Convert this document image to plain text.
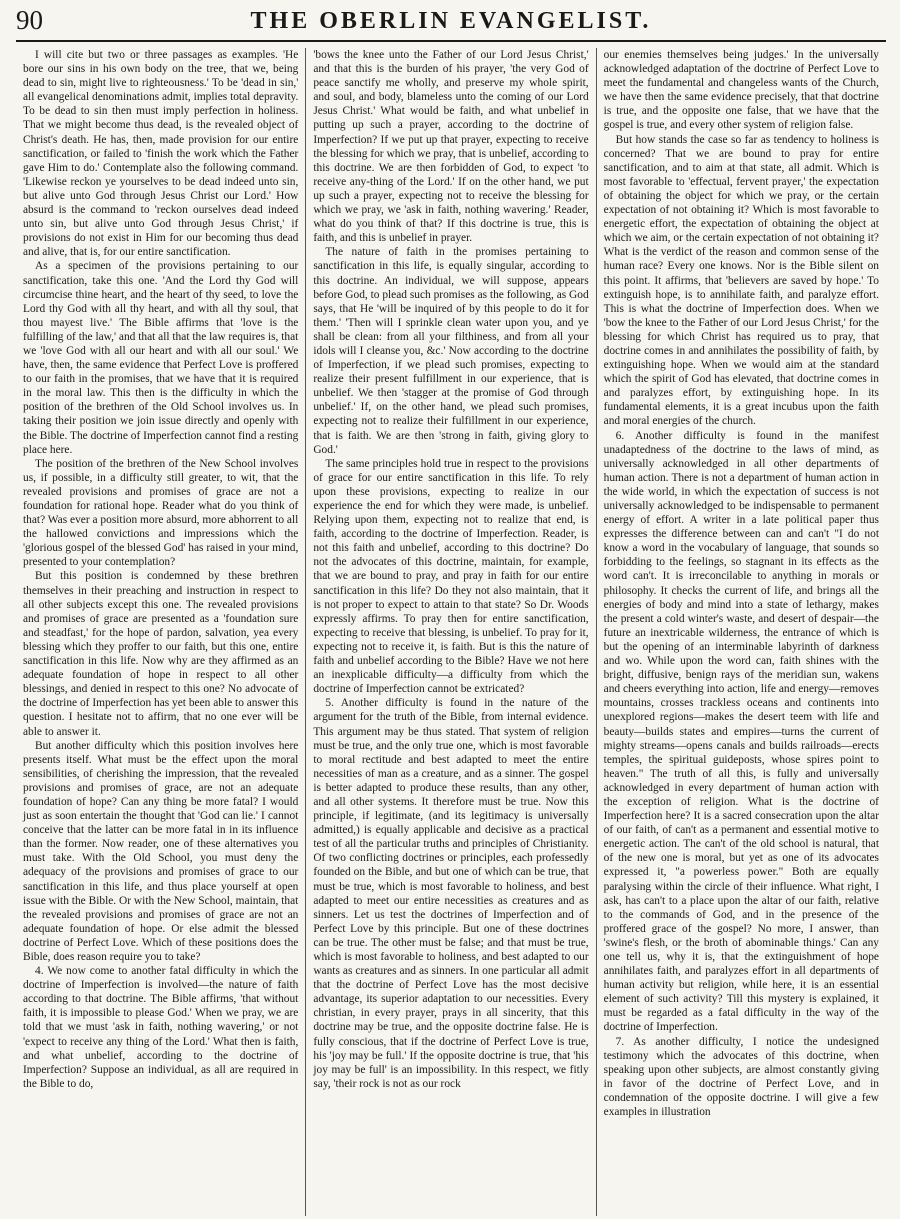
90	THE OBERLIN EVANGELIST.

I will cite but two or three passages as examples. 'He bore our sins in his own body on the tree, that we, being dead to sin, might live to righteousness.' To be 'dead in sin,' all evangelical denominations admit, implies total depravity. To be dead to sin then must imply perfection in holiness. That we might become thus dead, is the revealed object of Christ's death. He has, then, made provision for our entire sanctification, or failed to 'finish the work which the Father gave Him to do.' Contemplate also the following command. 'Likewise reckon ye yourselves to be dead indeed unto sin, but alive unto God through Jesus Christ our Lord.' How absurd is the command to 'reckon ourselves dead indeed unto sin, but alive unto God through Jesus Christ,' if provisions do not exist in Him for our becoming thus dead and alive, that is, for our entire sanctification.

As a specimen of the provisions pertaining to our sanctification, take this one. 'And the Lord thy God will circumcise thine heart, and the heart of thy seed, to love the Lord thy God with all thy heart, and with all thy soul, that thou mayest live.' The Bible affirms that 'love is the fulfilling of the law,' and that all that the law requires is, that we 'love God with all our heart and with all our soul.' We have, then, the same evidence that Perfect Love is proffered to our faith in the promises, that we have that it is required in the moral law. This then is the difficulty in which the position of the brethren of the Old School involves us. In taking their position we join issue directly and openly with the Bible. The doctrine of Imperfection cannot find a resting place here.

The position of the brethren of the New School involves us, if possible, in a difficulty still greater, to wit, that the revealed provisions and promises of grace are not a foundation for rational hope. Reader what do you think of that? Was ever a position more absurd, more abhorrent to all the hallowed convictions and impressions which the 'glorious gospel of the blessed God' has raised in your mind, presented to your contemplation?

But this position is condemned by these brethren themselves in their preaching and instruction in respect to all other subjects except this one. The revealed provisions and promises of grace are presented as a 'foundation sure and steadfast,' for the hope of pardon, salvation, yea every blessing which they proffer to our faith, but this one, entire sanctification in this life. Now why are they affirmed as an adequate foundation of hope in respect to all other blessings, and denied in respect to this one? No advocate of the doctrine of Imperfection has yet been able to answer this question. I hesitate not to affirm, that no one ever will be able to answer it.

But another difficulty which this position involves here presents itself. What must be the effect upon the moral sensibilities, of cherishing the impression, that the revealed provisions and promises of grace, are not an adequate foundation of hope? Can any thing be more fatal? I would just as soon entertain the thought that 'God can lie.' I cannot conceive that the latter can be more fatal in in its influence than the former. Now reader, one of these alternatives you must take. With the Old School, you must deny the adequacy of the provisions and promises of grace to our sanctification in this life, and thus place yourself at open issue with the Bible. Or with the New School, maintain, that the revealed provisions and promises of grace are not an adequate foundation of hope. Or else admit the blessed doctrine of Perfect Love. Which of these positions does the Bible, does reason require you to take?

4. We now come to another fatal difficulty in which the doctrine of Imperfection is involved—the nature of faith according to that doctrine. The Bible affirms, 'that without faith, it is impossible to please God.' When we pray, we are told that we must 'ask in faith, nothing wavering,' or not 'expect to receive any thing of the Lord.' What then is faith, and what unbelief, according to the doctrine of Imperfection? Suppose an individual, as all are required in the Bible to do,

'bows the knee unto the Father of our Lord Jesus Christ,' and that this is the burden of his prayer, 'the very God of peace sanctify me wholly, and preserve my whole spirit, and soul, and body, blameless unto the coming of our Lord Jesus Christ.' What would be faith, and what unbelief in putting up such a prayer, according to the doctrine of Imperfection? If we put up that prayer, expecting to receive the blessing for which we pray, that is unbelief, according to this doctrine. We are then forbidden of God, to expect 'to receive any-thing of the Lord.' If on the other hand, we put up such a prayer, expecting not to receive the blessing for which we pray, we 'ask in faith, nothing wavering.' Reader, what do you think of that? If this doctrine is true, this is faith, and this is unbelief in prayer.

The nature of faith in the promises pertaining to sanctification in this life, is equally singular, according to this doctrine. An individual, we will suppose, appears before God, to plead such promises as the following, as God says, that He 'will be inquired of by this people to do it for them.' 'Then will I sprinkle clean water upon you, and ye shall be clean: from all your filthiness, and from all your idols will I cleanse you, &c.' Now according to the doctrine of Imperfection, if we plead such promises, expecting to realize their present fulfillment in our experience, that is unbelief. We then 'stagger at the promise of God through unbelief.' If, on the other hand, we plead such promises, expecting not to realize their fulfillment in our experience, that is faith. We are then 'strong in faith, giving glory to God.'

The same principles hold true in respect to the provisions of grace for our entire sanctification in this life. To rely upon these provisions, expecting to realize in our experience the end for which they were made, is unbelief. Relying upon them, expecting not to realize that end, is faith, according to the doctrine of Imperfection. Reader, is not this faith and unbelief, according to this doctrine? Do not the advocates of this doctrine, maintain, for example, that we are bound to pray, and pray in faith for our entire sanctification in this life? Do they not also maintain, that it is not proper to expect to attain to that state? So Dr. Woods expressly affirms. To pray then for entire sanctification, expecting to receive that blessing, is unbelief. To pray for it, expecting not to receive it, is faith. But is this the nature of faith and unbelief according to the Bible? Have we not here an inexplicable difficulty—a difficulty from which the doctrine of Imperfection cannot be extricated?

5. Another difficulty is found in the nature of the argument for the truth of the Bible, from internal evidence. This argument may be thus stated. That system of religion must be true, and the only true one, which is most favorable to moral rectitude and best adapted to meet the entire necessities of man as a creature, and as a sinner. The gospel is better adapted to produce these results, than any other, and all other systems. It therefore must be true. Now this principle, if legitimate, (and its legitimacy is universally admitted,) is equally applicable and decisive as a practical test of all the particular truths and principles of Christianity. Of two conflicting doctrines or principles, each professedly founded on the Bible, and but one of which can be true, that must be true, which is most favorable to holiness, and best adapted to meet our entire necessities as creatures and as sinners. Let us test the doctrines of Imperfection and of Perfect Love by this principle. But one of these doctrines can be true. The other must be false; and that must be true, which is most favorable to holiness, and best adapted to our wants as creatures and as sinners. In one particular all admit that the doctrine of Perfect Love has the most decisive advantage, its superior adaptation to our necessities. Every christian, in every prayer, prays in all sincerity, that this doctrine may be true, and the opposite doctrine false. He is fully conscious, that if the doctrine of Perfect Love is true, his 'joy may be full.' If the opposite doctrine is true, that 'his joy may be full' is an impossibility. In this respect, we fitly say, 'their rock is not as our rock

our enemies themselves being judges.' In the universally acknowledged adaptation of the doctrine of Perfect Love to meet the fundamental and changeless wants of the Church, we have then the same evidence precisely, that that doctrine is true, and the opposite one false, that we have that the gospel is true, and every other system of religion false.

But how stands the case so far as tendency to holiness is concerned? That we are bound to pray for entire sanctification, and to aim at that state, all admit. Which is most favorable to 'effectual, fervent prayer,' the expectation of obtaining the object for which we pray, or the certain expectation of not obtaining it? Which is most favorable to energetic effort, the expectation of obtaining the object at which we aim, or the certain expectation of not obtaining it? What is the verdict of the reason and common sense of the human race? Every one knows. Nor is the Bible silent on this point. It affirms, that 'believers are saved by hope.' To extinguish hope, is to annihilate faith, and paralyze effort. This is what the doctrine of Imperfection does. When we 'bow the knee to the Father of our Lord Jesus Christ,' for the blessing for which Christ has required us to pray, that doctrine comes in and annihilates the possibility of faith, by extinguishing hope. When we would aim at the standard which the spirit of God has elevated, that doctrine comes in and paralyzes effort, by extinguishing hope. In its fundamental elements, it is a great incubus upon the faith and moral energies of the church.

6. Another difficulty is found in the manifest unadaptedness of the doctrine to the laws of mind, as universally acknowledged in all other departments of human action. There is not a department of human action in the wide world, in which the expectation of success is not universally acknowledged to be indispensable to permanent energy of effort. A writer in a late political paper thus expresses the difference between can and can't "I do not know a word in the vocabulary of language, that sounds so forbidding to the feelings, so stagnant in its effects as the word can't. It is irreconcilable to anything in morals or philosophy. It checks the current of life, and brings all the energies of body and mind into a state of lethargy, makes the present a cold winter's waste, and desert of despair—the future an inextricable wilderness, the entrance of which is but the opening of an interminable labyrinth of darkness and wo. While upon the word can, faith shines with the bright, diffusive, benign rays of the meridian sun, wakens and cheers everything into action, life and energy—removes mountains, crosses trackless oceans and continents into unexplored regions—makes the desert teem with life and beauty—builds states and empires—turns the current of mighty streams—opens canals and builds railroads—erects temples, the spiritual guideposts, whose spires point to heaven." The truth of all this, is fully and universally acknowledged in every department of human action with the exception of religion. What is the doctrine of Imperfection here? It is a sacred consecration upon the altar of our faith, of can't as a permanent and essential motive to energetic action. The can't of the old school is natural, that of the new one is moral, but yet as one of its advocates expressed it, "a powerless power." Both are equally paralysing within the circle of their influence. What right, I ask, has can't to a place upon the altar of our faith, relative to the commands of God, and in the presence of the proffered grace of the gospel? No more, I answer, than 'swine's flesh, or the broth of abominable things.' Can any one tell us, why it is, that the extinguishment of hope annihilates faith, and paralyzes effort in all departments of human activity but religion, while here, it is an essential element of such activity? Till this mystery is explained, it must be regarded as a fatal difficulty in the way of the doctrine of Imperfection.

7. As another difficulty, I notice the undesigned testimony which the advocates of this doctrine, when speaking upon other subjects, are almost constantly giving in favor of the doctrine of Perfect Love, and in condemnation of the opposite doctrine. I will give a few examples in illustration
